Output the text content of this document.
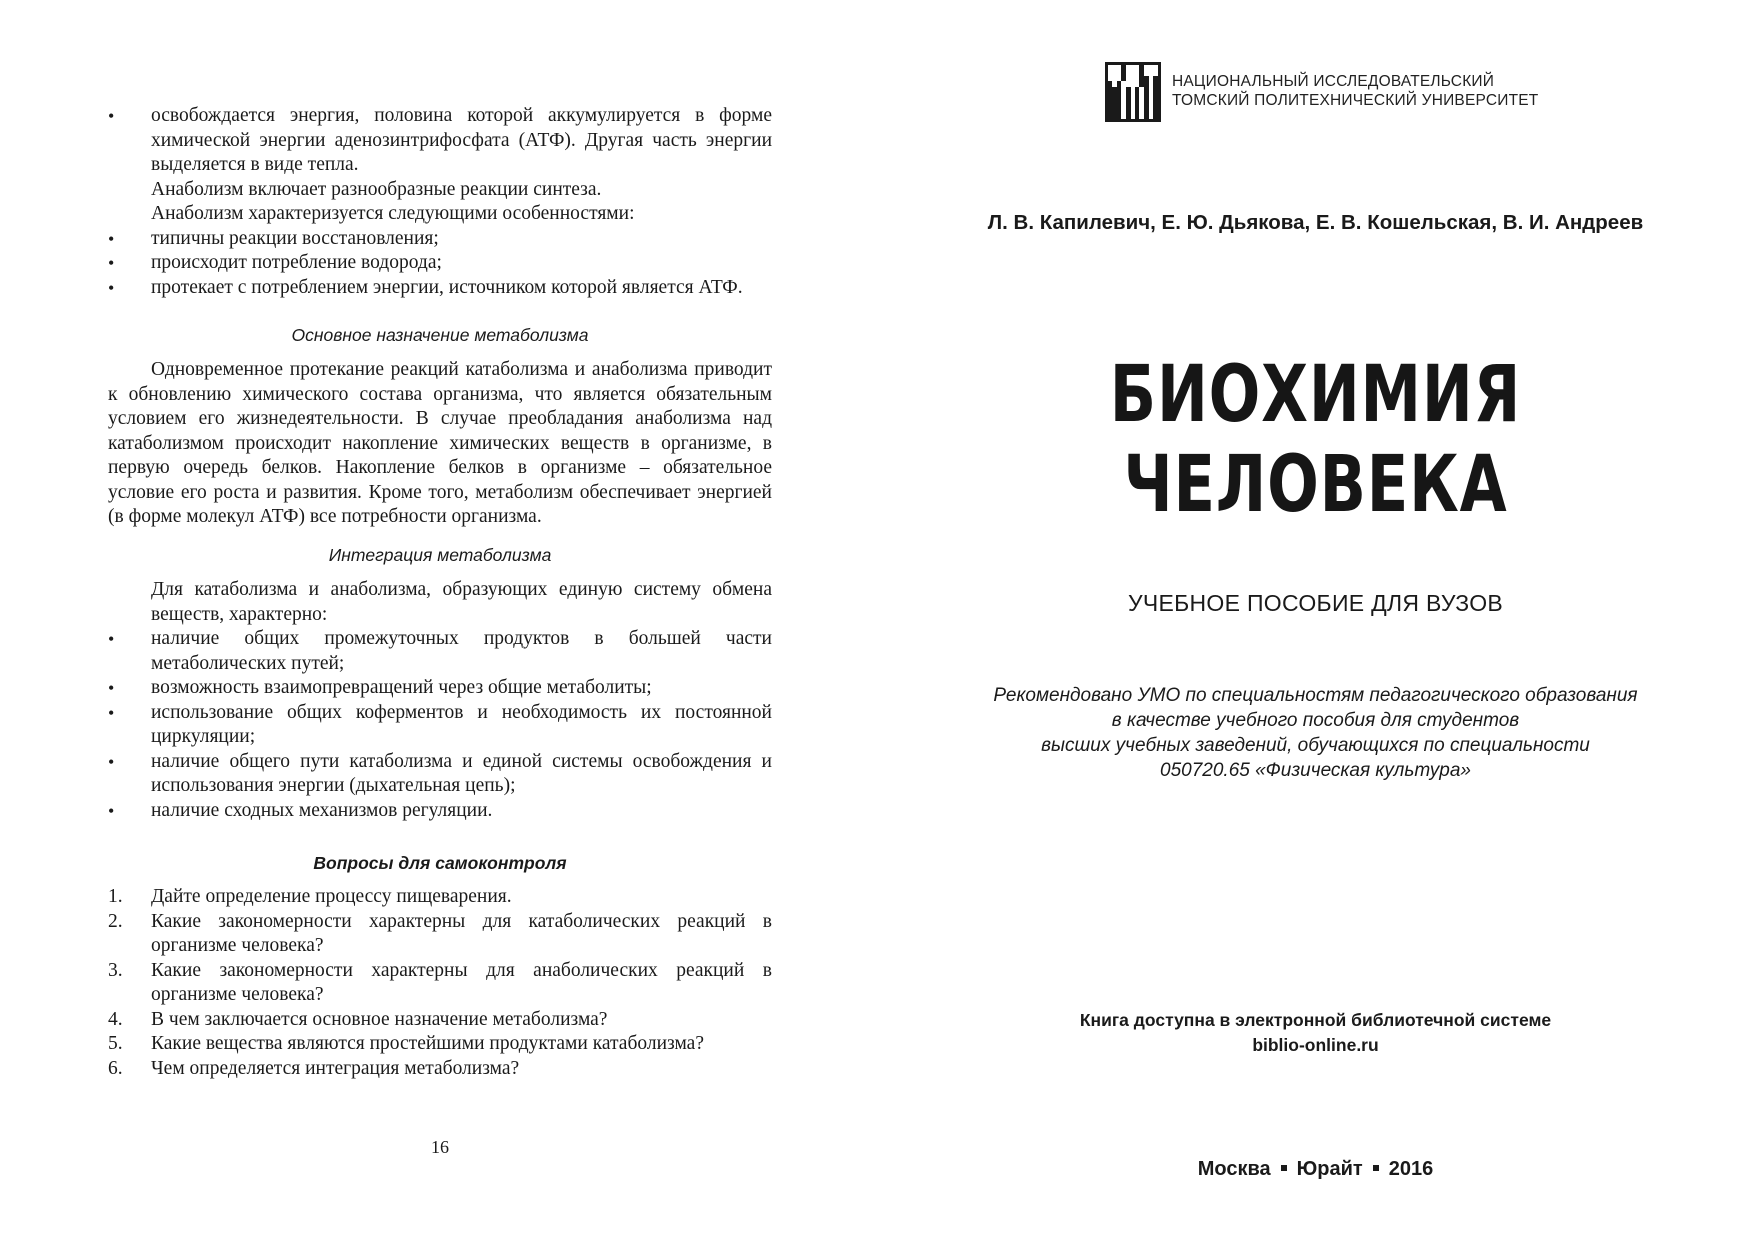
•	освобождается энергия, половина которой аккумулируется в форме химической энергии аденозинтрифосфата (АТФ). Другая часть энергии выделяется в виде тепла.
Анаболизм включает разнообразные реакции синтеза.
Анаболизм характеризуется следующими особенностями:
•	типичны реакции восстановления;
•	происходит потребление водорода;
•	протекает с потреблением энергии, источником которой является АТФ.
Основное назначение метаболизма
Одновременное протекание реакций катаболизма и анаболизма приводит к обновлению химического состава организма, что является обязательным условием его жизнедеятельности. В случае преобладания анаболизма над катаболизмом происходит накопление химических веществ в организме, в первую очередь белков. Накопление белков в организме – обязательное условие его роста и развития. Кроме того, метаболизм обеспечивает энергией (в форме молекул АТФ) все потребности организма.
Интеграция метаболизма
Для катаболизма и анаболизма, образующих единую систему обмена веществ, характерно:
•	наличие общих промежуточных продуктов в большей части метаболических путей;
•	возможность взаимопревращений через общие метаболиты;
•	использование общих коферментов и необходимость их постоянной циркуляции;
•	наличие общего пути катаболизма и единой системы освобождения и использования энергии (дыхательная цепь);
•	наличие сходных механизмов регуляции.
Вопросы для самоконтроля
1. Дайте определение процессу пищеварения.
2. Какие закономерности характерны для катаболических реакций в организме человека?
3. Какие закономерности характерны для анаболических реакций в организме человека?
4. В чем заключается основное назначение метаболизма?
5. Какие вещества являются простейшими продуктами катаболизма?
6. Чем определяется интеграция метаболизма?
16
НАЦИОНАЛЬНЫЙ ИССЛЕДОВАТЕЛЬСКИЙ
ТОМСКИЙ ПОЛИТЕХНИЧЕСКИЙ УНИВЕРСИТЕТ
Л. В. Капилевич, Е. Ю. Дьякова, Е. В. Кошельская, В. И. Андреев
БИОХИМИЯ
ЧЕЛОВЕКА
УЧЕБНОЕ ПОСОБИЕ ДЛЯ ВУЗОВ
Рекомендовано УМО по специальностям педагогического образования
в качестве учебного пособия для студентов
высших учебных заведений, обучающихся по специальности
050720.65 «Физическая культура»
Книга доступна в электронной библиотечной системе
biblio-online.ru
Москва Юрайт 2016
